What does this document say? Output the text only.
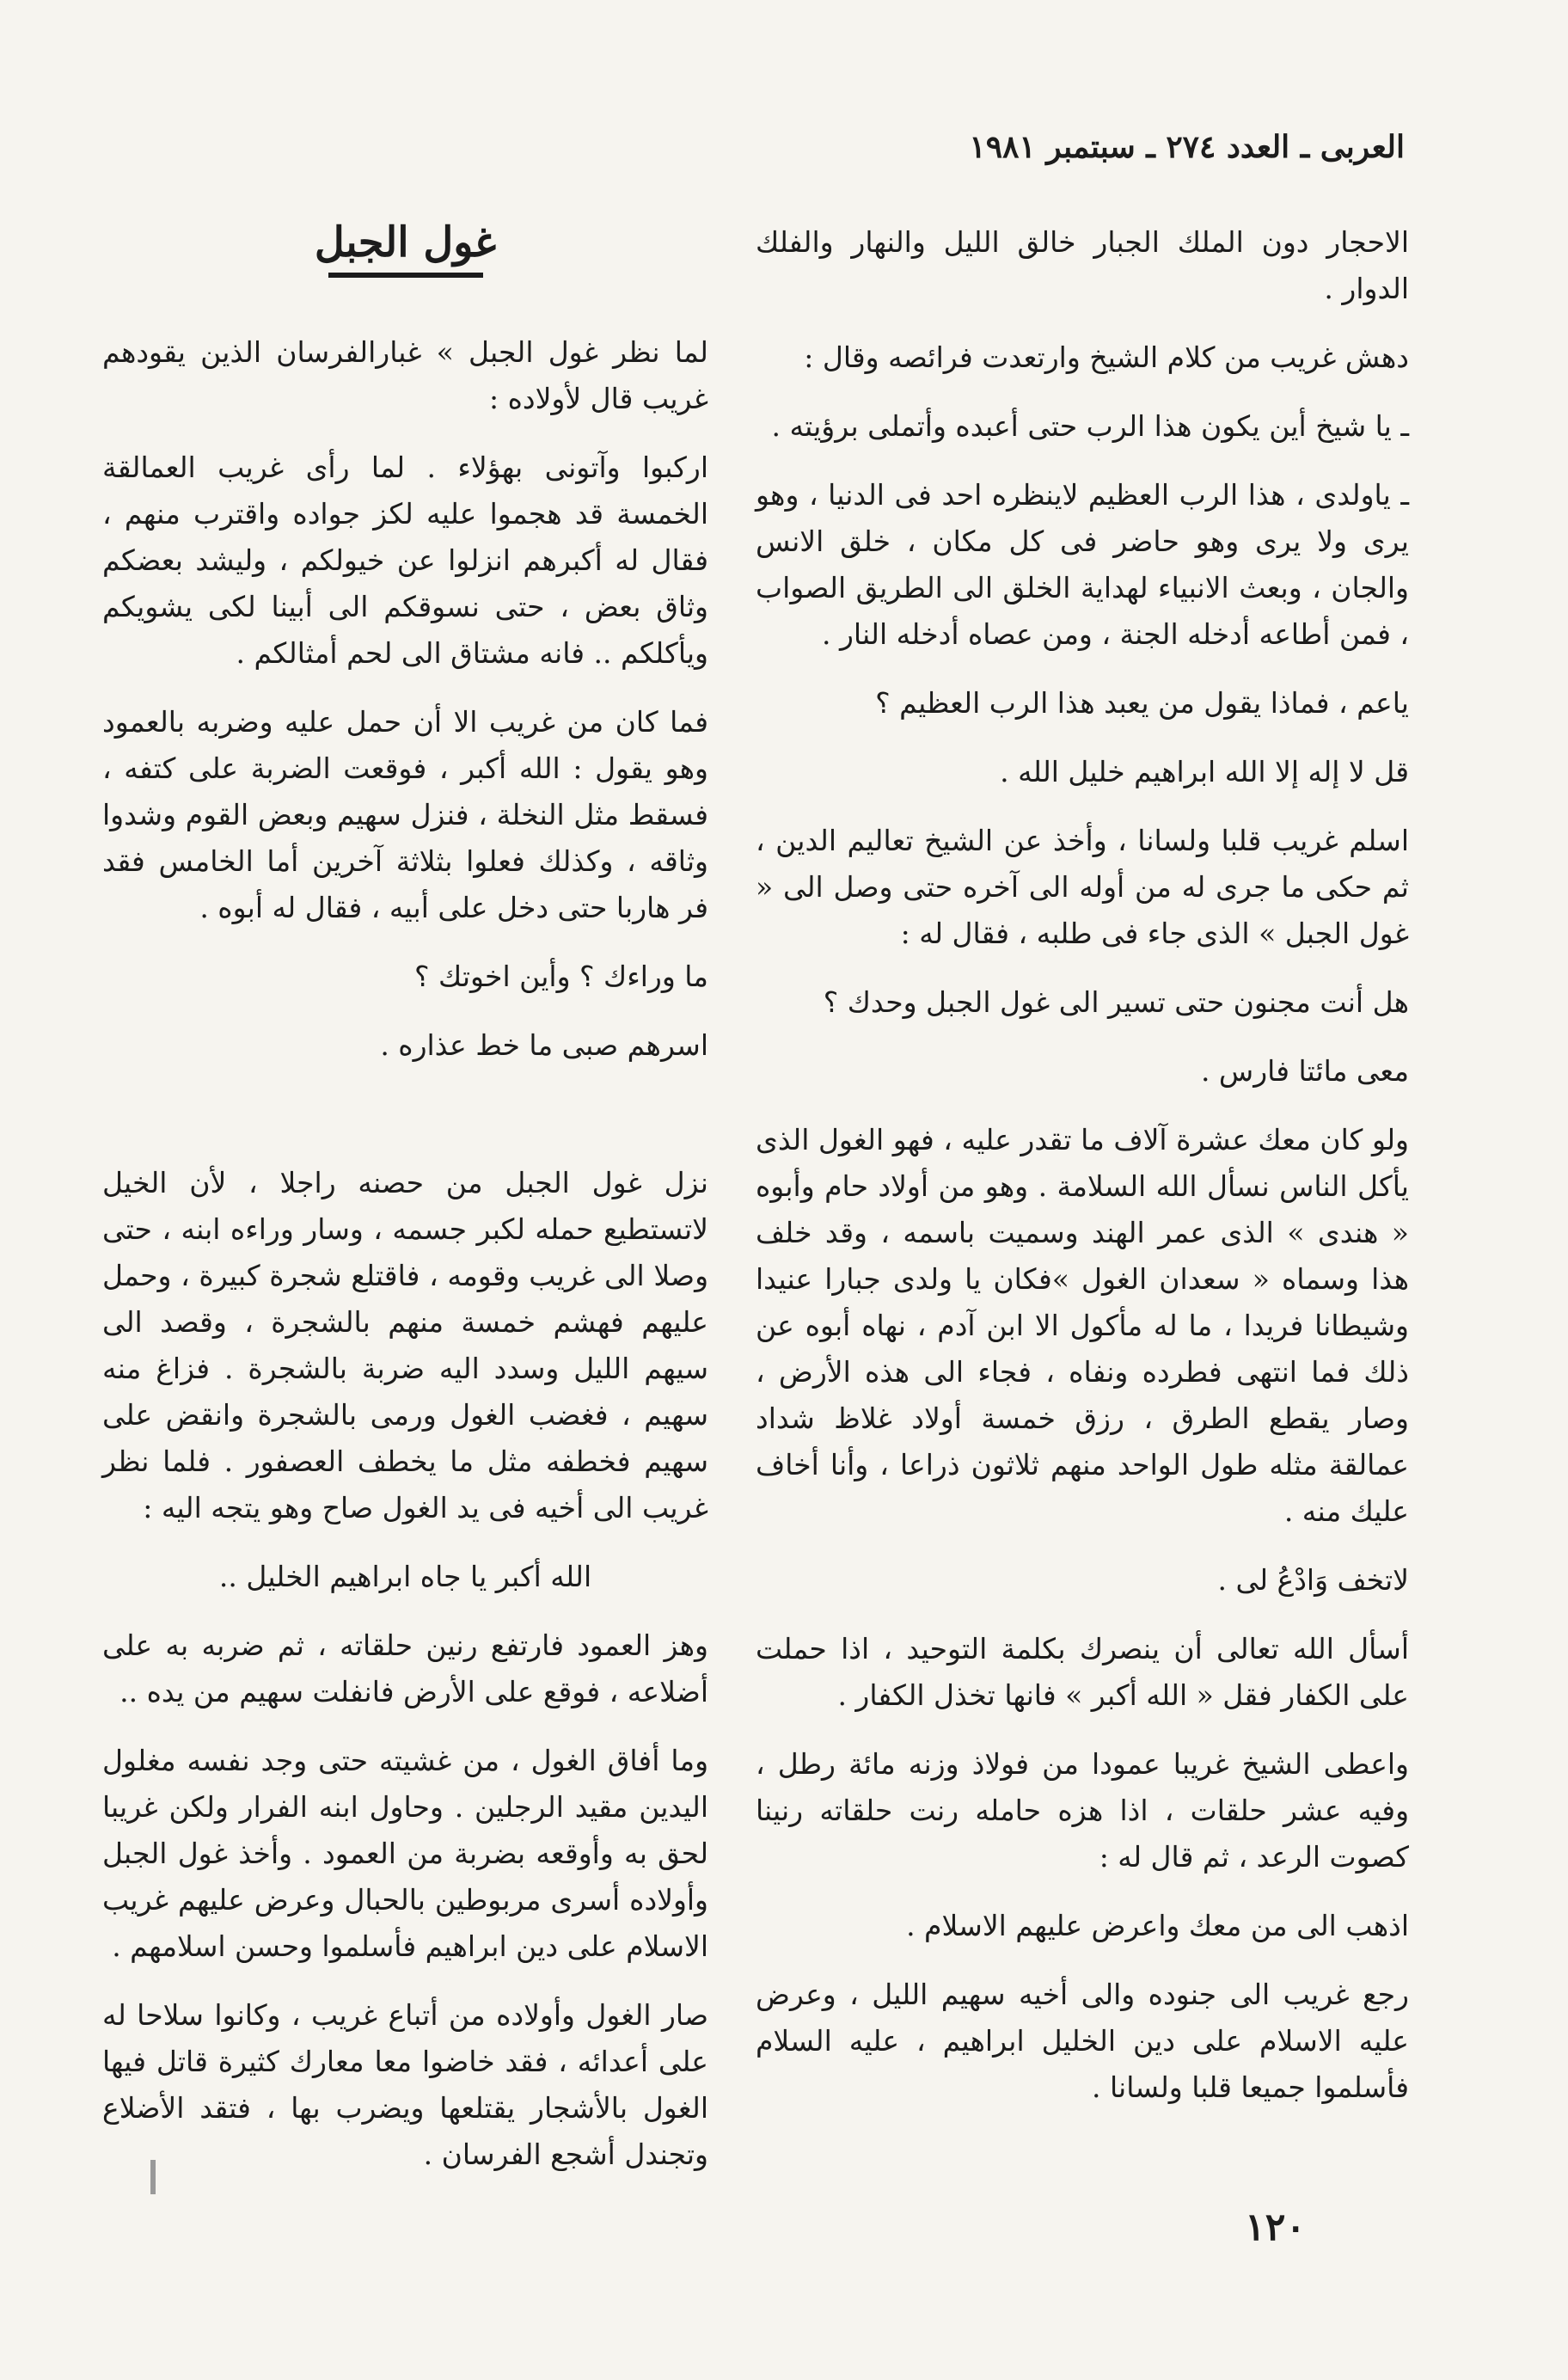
العربى ـ العدد ٢٧٤ ـ سبتمبر ١٩٨١

الاحجار دون الملك الجبار خالق الليل والنهار والفلك الدوار .

دهش غريب من كلام الشيخ وارتعدت فرائصه وقال :

ـ يا شيخ أين يكون هذا الرب حتى أعبده وأتملى برؤيته .

ـ ياولدى ، هذا الرب العظيم لاينظره احد فى الدنيا ، وهو يرى ولا يرى وهو حاضر فى كل مكان ، خلق الانس والجان ، وبعث الانبياء لهداية الخلق الى الطريق الصواب ، فمن أطاعه أدخله الجنة ، ومن عصاه أدخله النار .

ياعم ، فماذا يقول من يعبد هذا الرب العظيم ؟

قل لا إله إلا الله ابراهيم خليل الله .

اسلم غريب قلبا ولسانا ، وأخذ عن الشيخ تعاليم الدين ، ثم حكى ما جرى له من أوله الى آخره حتى وصل الى « غول الجبل » الذى جاء فى طلبه ، فقال له :

هل أنت مجنون حتى تسير الى غول الجبل وحدك ؟

معى مائتا فارس .

ولو كان معك عشرة آلاف ما تقدر عليه ، فهو الغول الذى يأكل الناس نسأل الله السلامة . وهو من أولاد حام وأبوه « هندى » الذى عمر الهند وسميت باسمه ، وقد خلف هذا وسماه « سعدان الغول »فكان يا ولدى جبارا عنيدا وشيطانا فريدا ، ما له مأكول الا ابن آدم ، نهاه أبوه عن ذلك فما انتهى فطرده ونفاه ، فجاء الى هذه الأرض ، وصار يقطع الطرق ، رزق خمسة أولاد غلاظ شداد عمالقة مثله طول الواحد منهم ثلاثون ذراعا ، وأنا أخاف عليك منه .

لاتخف وَادْعُ لى .

أسأل الله تعالى أن ينصرك بكلمة التوحيد ، اذا حملت على الكفار فقل « الله أكبر » فانها تخذل الكفار .

واعطى الشيخ غريبا عمودا من فولاذ وزنه مائة رطل ، وفيه عشر حلقات ، اذا هزه حامله رنت حلقاته رنينا كصوت الرعد ، ثم قال له :

اذهب الى من معك واعرض عليهم الاسلام .

رجع غريب الى جنوده والى أخيه سهيم الليل ، وعرض عليه الاسلام على دين الخليل ابراهيم ، عليه السلام فأسلموا جميعا قلبا ولسانا .

غول الجبل

لما نظر غول الجبل » غبارالفرسان الذين يقودهم غريب قال لأولاده :

اركبوا وآتونى بهؤلاء . لما رأى غريب العمالقة الخمسة قد هجموا عليه لكز جواده واقترب منهم ، فقال له أكبرهم انزلوا عن خيولكم ، وليشد بعضكم وثاق بعض ، حتى نسوقكم الى أبينا لكى يشويكم ويأكلكم .. فانه مشتاق الى لحم أمثالكم .

فما كان من غريب الا أن حمل عليه وضربه بالعمود وهو يقول : الله أكبر ، فوقعت الضربة على كتفه ، فسقط مثل النخلة ، فنزل سهيم وبعض القوم وشدوا وثاقه ، وكذلك فعلوا بثلاثة آخرين أما الخامس فقد فر هاربا حتى دخل على أبيه ، فقال له أبوه .

ما وراءك ؟ وأين اخوتك ؟

اسرهم صبى ما خط عذاره .

نزل غول الجبل من حصنه راجلا ، لأن الخيل لاتستطيع حمله لكبر جسمه ، وسار وراءه ابنه ، حتى وصلا الى غريب وقومه ، فاقتلع شجرة كبيرة ، وحمل عليهم فهشم خمسة منهم بالشجرة ، وقصد الى سيهم الليل وسدد اليه ضربة بالشجرة . فزاغ منه سهيم ، فغضب الغول ورمى بالشجرة وانقض على سهيم فخطفه مثل ما يخطف العصفور . فلما نظر غريب الى أخيه فى يد الغول صاح وهو يتجه اليه :

الله أكبر يا جاه ابراهيم الخليل ..

وهز العمود فارتفع رنين حلقاته ، ثم ضربه به على أضلاعه ، فوقع على الأرض فانفلت سهيم من يده ..

وما أفاق الغول ، من غشيته حتى وجد نفسه مغلول اليدين مقيد الرجلين . وحاول ابنه الفرار ولكن غريبا لحق به وأوقعه بضربة من العمود . وأخذ غول الجبل وأولاده أسرى مربوطين بالحبال وعرض عليهم غريب الاسلام على دين ابراهيم فأسلموا وحسن اسلامهم .

صار الغول وأولاده من أتباع غريب ، وكانوا سلاحا له على أعدائه ، فقد خاضوا معا معارك كثيرة قاتل فيها الغول بالأشجار يقتلعها ويضرب بها ، فتقد الأضلاع وتجندل أشجع الفرسان .

١٢٠
